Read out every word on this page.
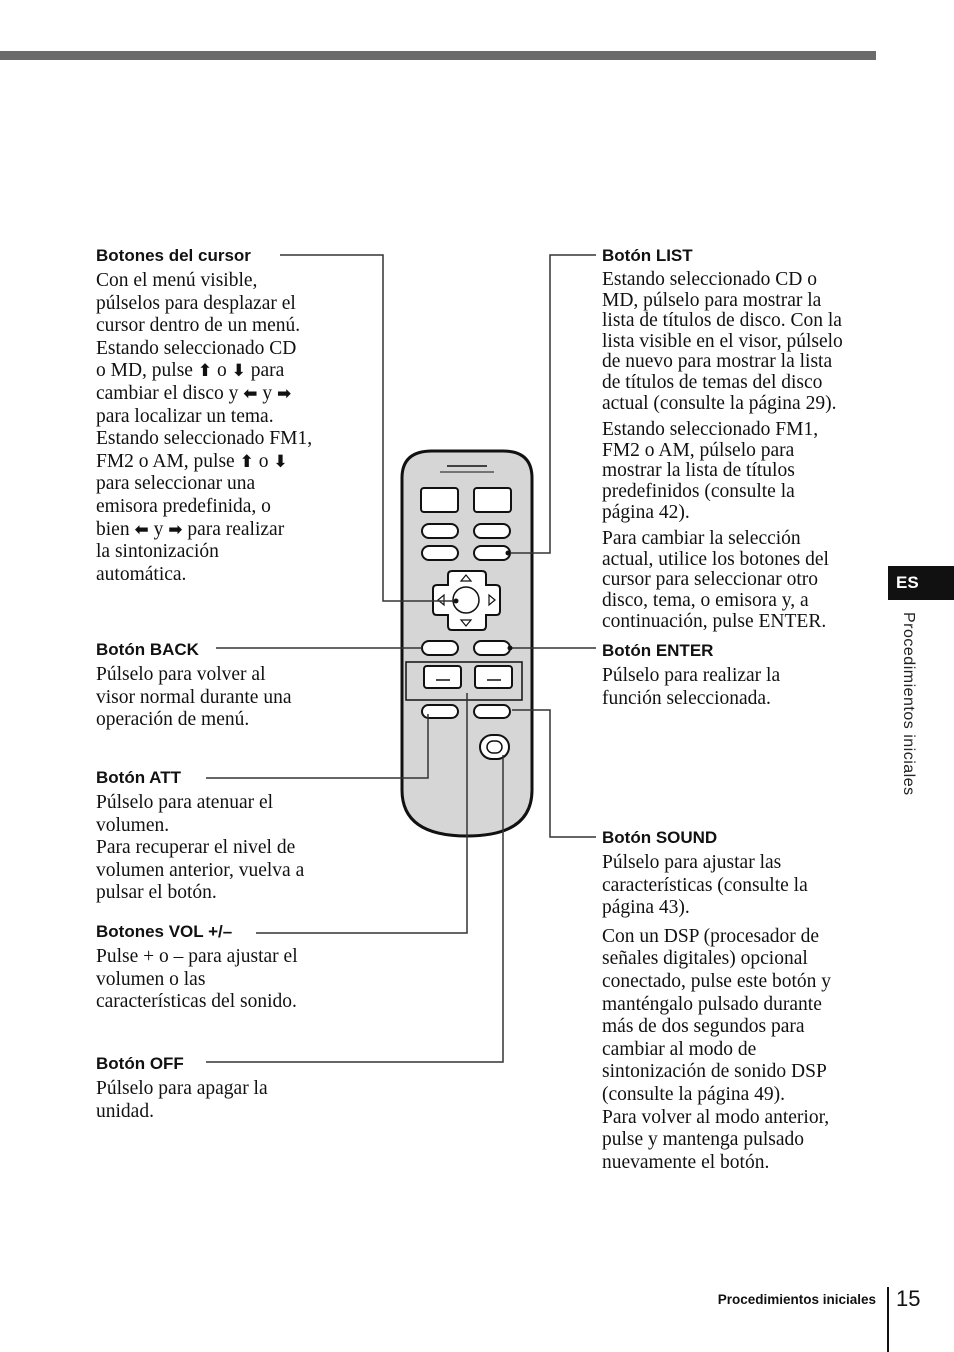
Botones del cursor
Con el menú visible,
púlselos para desplazar el
cursor dentro de un menú.
Estando seleccionado CD
o MD, pulse ⬆ o ⬇ para
cambiar el disco y ⬅ y ➡
para localizar un tema.
Estando seleccionado FM1,
FM2 o AM, pulse ⬆ o ⬇
para seleccionar una
emisora predefinida, o
bien ⬅ y ➡ para realizar
la sintonización
automática.
Botón BACK
Púlselo para volver al
visor normal durante una
operación de menú.
Botón ATT
Púlselo para atenuar el
volumen.
Para recuperar el nivel de
volumen anterior, vuelva a
pulsar el botón.
Botones VOL +/–
Pulse + o – para ajustar el
volumen o las
características del sonido.
Botón OFF
Púlselo para apagar la
unidad.
Botón LIST

Estando seleccionado CD o
MD, púlselo para mostrar la
lista de títulos de disco. Con la
lista visible en el visor, púlselo
de nuevo para mostrar la lista
de títulos de temas del disco
actual (consulte la página 29).

Estando seleccionado FM1,
FM2 o AM, púlselo para
mostrar la lista de títulos
predefinidos (consulte la
página 42).

Para cambiar la selección
actual, utilice los botones del
cursor para seleccionar otro
disco, tema, o emisora y, a
continuación, pulse ENTER.

Botón ENTER
Púlselo para realizar la
función seleccionada.
Botón SOUND

Púlselo para ajustar las
características (consulte la
página 43).

Con un DSP (procesador de
señales digitales) opcional
conectado, pulse este botón y
manténgalo pulsado durante
más de dos segundos para
cambiar al modo de
sintonización de sonido DSP
(consulte la página 49).
Para volver al modo anterior,
pulse y mantenga pulsado
nuevamente el botón.

ES
Procedimientos iniciales
Procedimientos iniciales 15
